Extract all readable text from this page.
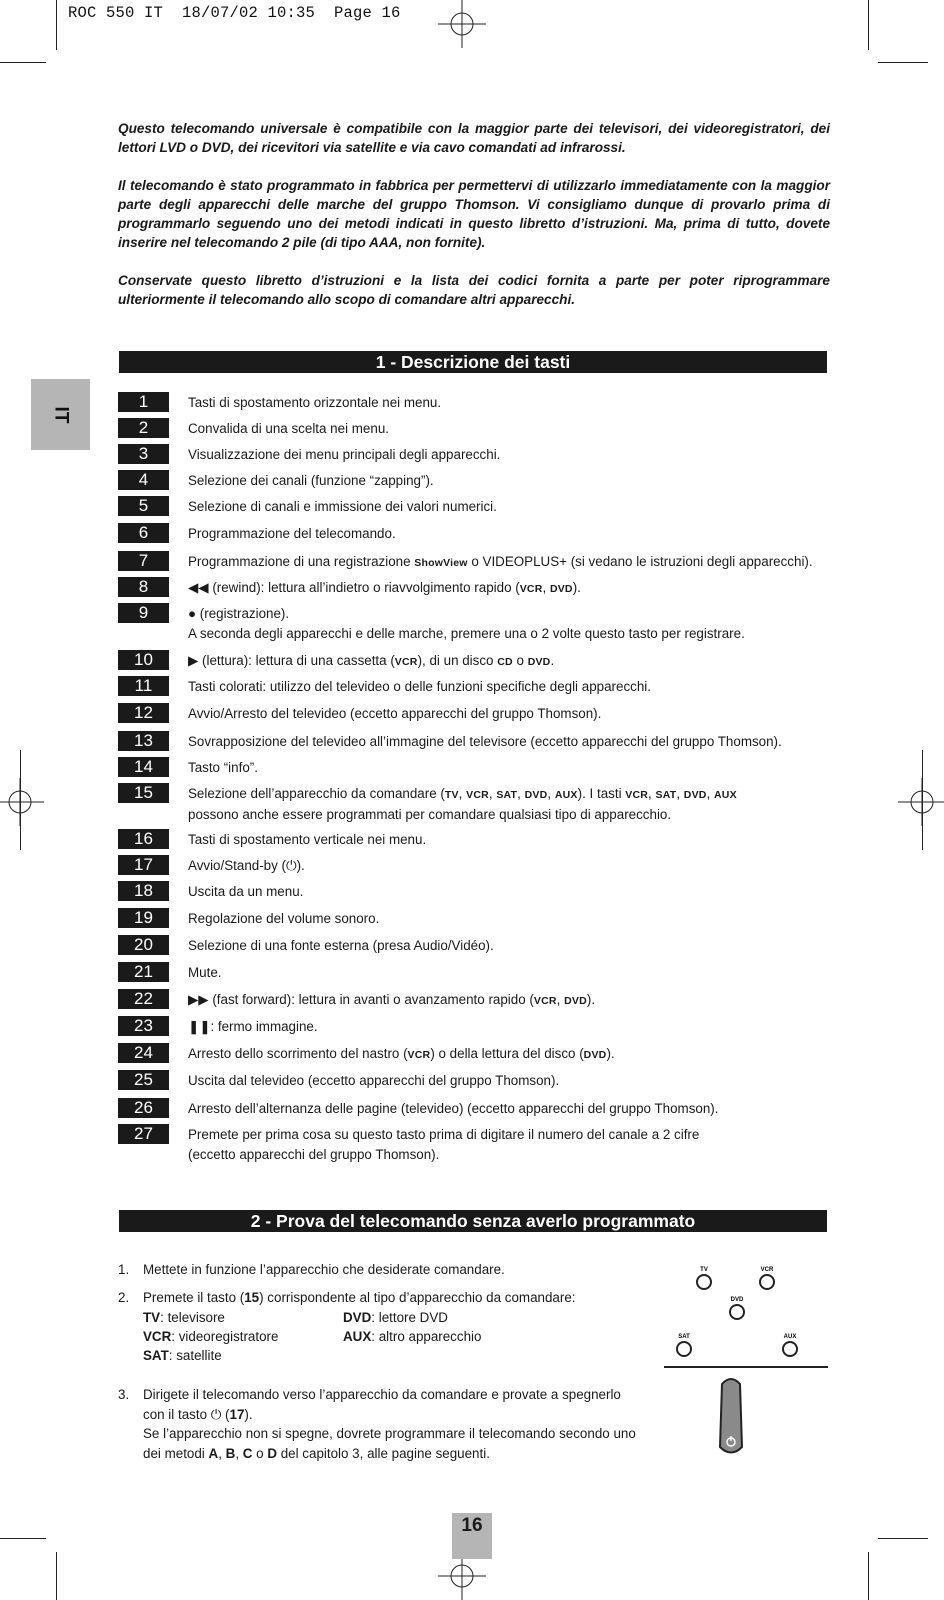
ROC 550 IT  18/07/02 10:35  Page 16
IT
Questo telecomando universale è compatibile con la maggior parte dei televisori, dei videoregistratori, dei lettori LVD o DVD, dei ricevitori via satellite e via cavo comandati ad infrarossi.
Il telecomando è stato programmato in fabbrica per permettervi di utilizzarlo immediatamente con la maggior parte degli apparecchi delle marche del gruppo Thomson. Vi consigliamo dunque di provarlo prima di programmarlo seguendo uno dei metodi indicati in questo libretto d’istruzioni. Ma, prima di tutto, dovete inserire nel telecomando 2 pile (di tipo AAA, non fornite).
Conservate questo libretto d’istruzioni e la lista dei codici fornita a parte per poter riprogrammare ulteriormente il telecomando allo scopo di comandare altri apparecchi.
1 - Descrizione dei tasti
1	Tasti di spostamento orizzontale nei menu.
2	Convalida di una scelta nei menu.
3	Visualizzazione dei menu principali degli apparecchi.
4	Selezione dei canali (funzione “zapping”).
5	Selezione di canali e immissione dei valori numerici.
6	Programmazione del telecomando.
7	Programmazione di una registrazione ShowView o VIDEOPLUS+ (si vedano le istruzioni degli apparecchi).
8	◀◀ (rewind): lettura all’indietro o riavvolgimento rapido (VCR, DVD).
9	● (registrazione).
A seconda degli apparecchi e delle marche, premere una o 2 volte questo tasto per registrare.
10	▶ (lettura): lettura di una cassetta (VCR), di un disco CD o DVD.
11	Tasti colorati: utilizzo del televideo o delle funzioni specifiche degli apparecchi.
12	Avvio/Arresto del televideo (eccetto apparecchi del gruppo Thomson).
13	Sovrapposizione del televideo all’immagine del televisore (eccetto apparecchi del gruppo Thomson).
14	Tasto “info”.
15	Selezione dell’apparecchio da comandare (TV, VCR, SAT, DVD, AUX). I tasti VCR, SAT, DVD, AUX
possono anche essere programmati per comandare qualsiasi tipo di apparecchio.
16	Tasti di spostamento verticale nei menu.
17	Avvio/Stand-by (⏻).
18	Uscita da un menu.
19	Regolazione del volume sonoro.
20	Selezione di una fonte esterna (presa Audio/Vidéo).
21	Mute.
22	▶▶ (fast forward): lettura in avanti o avanzamento rapido (VCR, DVD).
23	❚❚: fermo immagine.
24	Arresto dello scorrimento del nastro (VCR) o della lettura del disco (DVD).
25	Uscita dal televideo (eccetto apparecchi del gruppo Thomson).
26	Arresto dell’alternanza delle pagine (televideo) (eccetto apparecchi del gruppo Thomson).
27	Premete per prima cosa su questo tasto prima di digitare il numero del canale a 2 cifre
(eccetto apparecchi del gruppo Thomson).
2 - Prova del telecomando senza averlo programmato
1.	Mettete in funzione l’apparecchio che desiderate comandare.
2.	Premete il tasto (15) corrispondente al tipo d’apparecchio da comandare:
TV: televisore	DVD: lettore DVD
VCR: videoregistratore	AUX: altro apparecchio
SAT: satellite
3.	Dirigete il telecomando verso l’apparecchio da comandare e provate a spegnerlo
con il tasto ⏻ (17).
Se l’apparecchio non si spegne, dovrete programmare il telecomando secondo uno
dei metodi A, B, C o D del capitolo 3, alle pagine seguenti.
TV	VCR
DVD
SAT	AUX
16
